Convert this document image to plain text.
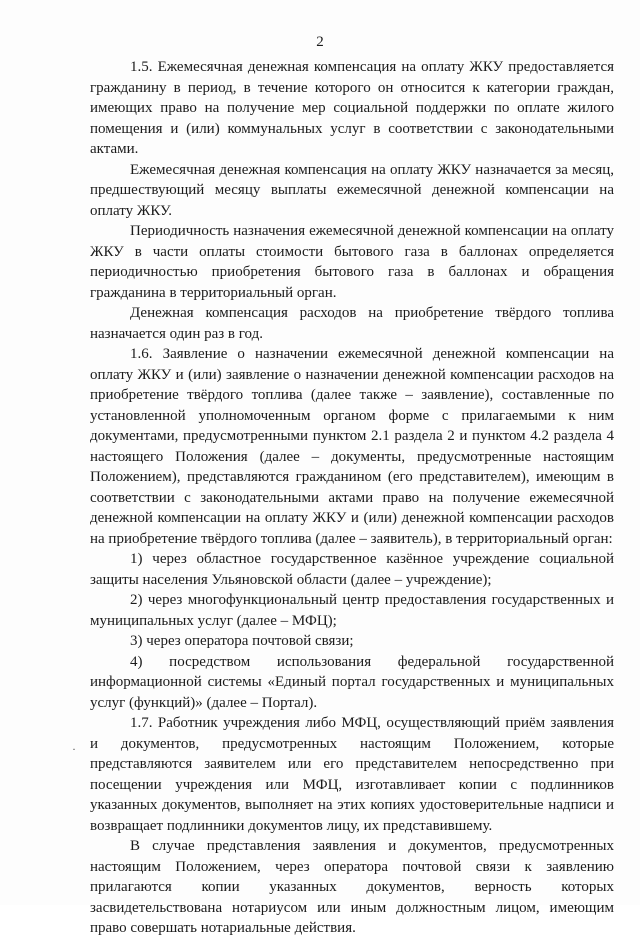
2

1.5. Ежемесячная денежная компенсация на оплату ЖКУ предоставляется гражданину в период, в течение которого он относится к категории граждан, имеющих право на получение мер социальной поддержки по оплате жилого помещения и (или) коммунальных услуг в соответствии с законодательными актами.

Ежемесячная денежная компенсация на оплату ЖКУ назначается за месяц, предшествующий месяцу выплаты ежемесячной денежной компенсации на оплату ЖКУ.

Периодичность назначения ежемесячной денежной компенсации на оплату ЖКУ в части оплаты стоимости бытового газа в баллонах определяется периодичностью приобретения бытового газа в баллонах и обращения гражданина в территориальный орган.

Денежная компенсация расходов на приобретение твёрдого топлива назначается один раз в год.

1.6. Заявление о назначении ежемесячной денежной компенсации на оплату ЖКУ и (или) заявление о назначении денежной компенсации расходов на приобретение твёрдого топлива (далее также – заявление), составленные по установленной уполномоченным органом форме с прилагаемыми к ним документами, предусмотренными пунктом 2.1 раздела 2 и пунктом 4.2 раздела 4 настоящего Положения (далее – документы, предусмотренные настоящим Положением), представляются гражданином (его представителем), имеющим в соответствии с законодательными актами право на получение ежемесячной денежной компенсации на оплату ЖКУ и (или) денежной компенсации расходов на приобретение твёрдого топлива (далее – заявитель), в территориальный орган:

1) через областное государственное казённое учреждение социальной защиты населения Ульяновской области (далее – учреждение);

2) через многофункциональный центр предоставления государственных и муниципальных услуг (далее – МФЦ);

3) через оператора почтовой связи;

4) посредством использования федеральной государственной информационной системы «Единый портал государственных и муниципальных услуг (функций)» (далее – Портал).

1.7. Работник учреждения либо МФЦ, осуществляющий приём заявления и документов, предусмотренных настоящим Положением, которые представляются заявителем или его представителем непосредственно при посещении учреждения или МФЦ, изготавливает копии с подлинников указанных документов, выполняет на этих копиях удостоверительные надписи и возвращает подлинники документов лицу, их представившему.

В случае представления заявления и документов, предусмотренных настоящим Положением, через оператора почтовой связи к заявлению прилагаются копии указанных документов, верность которых засвидетельствована нотариусом или иным должностным лицом, имеющим право совершать нотариальные действия.

·
